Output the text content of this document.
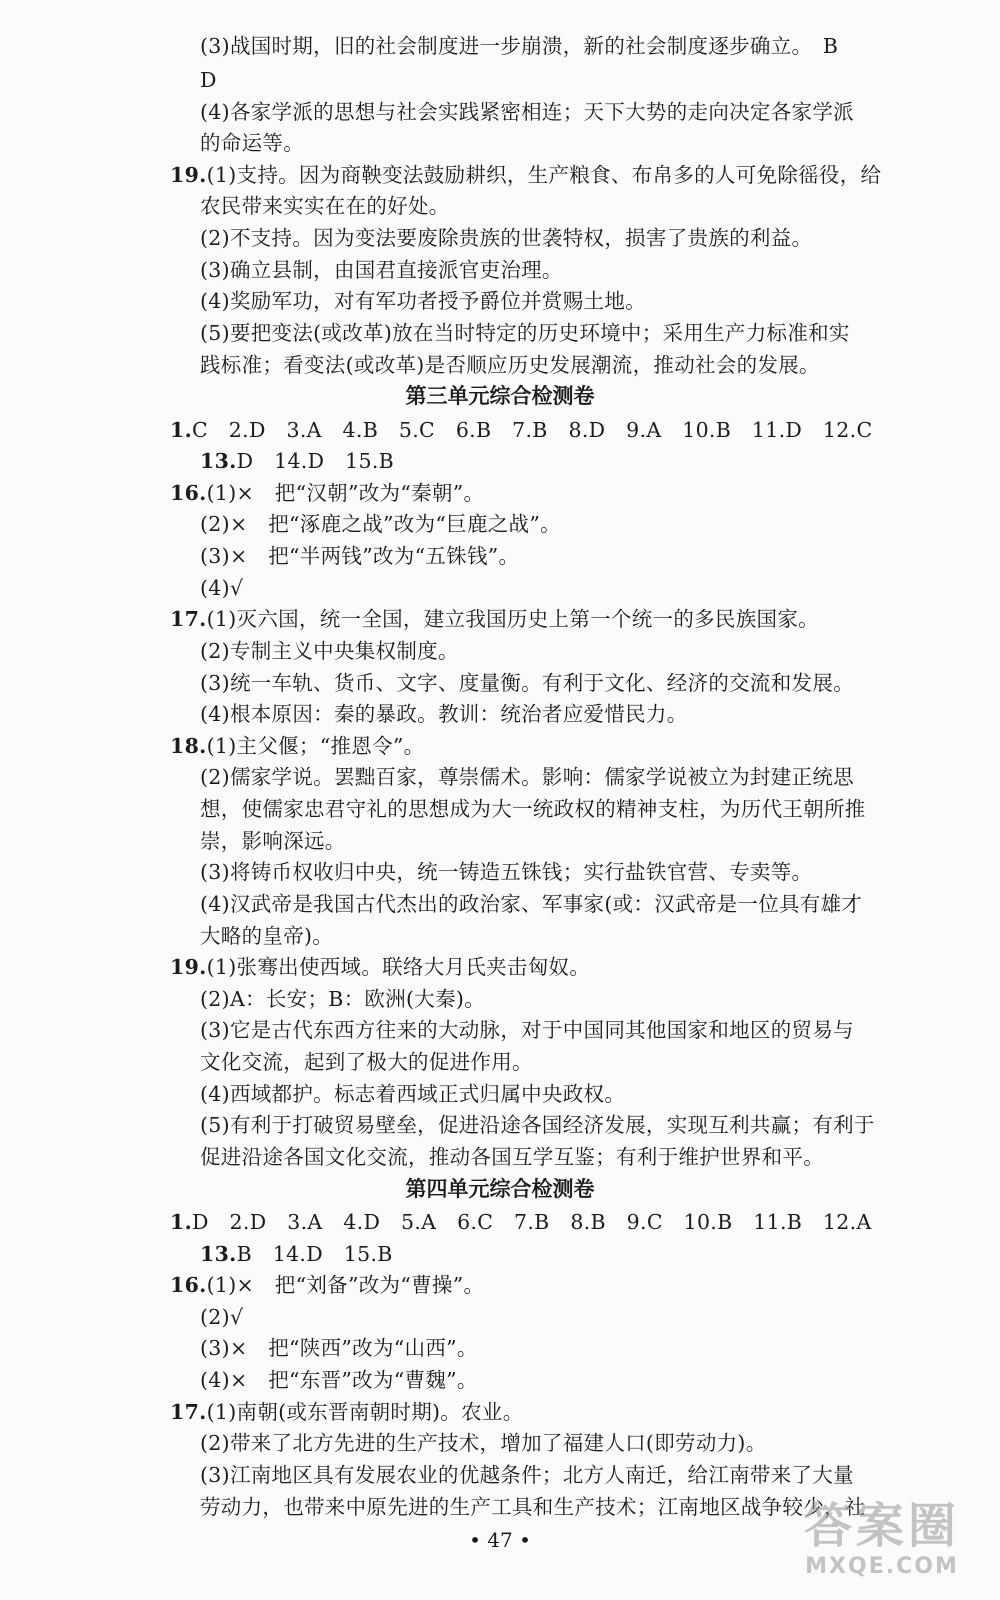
(3)战国时期，旧的社会制度进一步崩溃，新的社会制度逐步确立。　B
D
(4)各家学派的思想与社会实践紧密相连；天下大势的走向决定各家学派
的命运等。
19.(1)支持。因为商鞅变法鼓励耕织，生产粮食、布帛多的人可免除徭役，给
农民带来实实在在的好处。
(2)不支持。因为变法要废除贵族的世袭特权，损害了贵族的利益。
(3)确立县制，由国君直接派官吏治理。
(4)奖励军功，对有军功者授予爵位并赏赐土地。
(5)要把变法(或改革)放在当时特定的历史环境中；采用生产力标准和实
践标准；看变法(或改革)是否顺应历史发展潮流，推动社会的发展。
1.C　2.D　3.A　4.B　5.C　6.B　7.B　8.D　9.A　10.B　11.D　12.C
13.D　14.D　15.B
16.(1)×　把“汉朝”改为“秦朝”。
(2)×　把“涿鹿之战”改为“巨鹿之战”。
(3)×　把“半两钱”改为“五铢钱”。
(4)√
17.(1)灭六国，统一全国，建立我国历史上第一个统一的多民族国家。
(2)专制主义中央集权制度。
(3)统一车轨、货币、文字、度量衡。有利于文化、经济的交流和发展。
(4)根本原因：秦的暴政。教训：统治者应爱惜民力。
18.(1)主父偃；“推恩令”。
(2)儒家学说。罢黜百家，尊崇儒术。影响：儒家学说被立为封建正统思
想，使儒家忠君守礼的思想成为大一统政权的精神支柱，为历代王朝所推
崇，影响深远。
(3)将铸币权收归中央，统一铸造五铢钱；实行盐铁官营、专卖等。
(4)汉武帝是我国古代杰出的政治家、军事家(或：汉武帝是一位具有雄才
大略的皇帝)。
19.(1)张骞出使西域。联络大月氏夹击匈奴。
(2)A：长安；B：欧洲(大秦)。
(3)它是古代东西方往来的大动脉，对于中国同其他国家和地区的贸易与
文化交流，起到了极大的促进作用。
(4)西域都护。标志着西域正式归属中央政权。
(5)有利于打破贸易壁垒，促进沿途各国经济发展，实现互利共赢；有利于
促进沿途各国文化交流，推动各国互学互鉴；有利于维护世界和平。
1.D　2.D　3.A　4.D　5.A　6.C　7.B　8.B　9.C　10.B　11.B　12.A
13.B　14.D　15.B
16.(1)×　把“刘备”改为“曹操”。
(2)√
(3)×　把“陕西”改为“山西”。
(4)×　把“东晋”改为“曹魏”。
17.(1)南朝(或东晋南朝时期)。农业。
(2)带来了北方先进的生产技术，增加了福建人口(即劳动力)。
(3)江南地区具有发展农业的优越条件；北方人南迁，给江南带来了大量
第三单元综合检测卷
第四单元综合检测卷
劳动力，也带来中原先进的生产工具和生产技术；江南地区战争较少，社
• 47 •	答案圈
MXQE.COM
